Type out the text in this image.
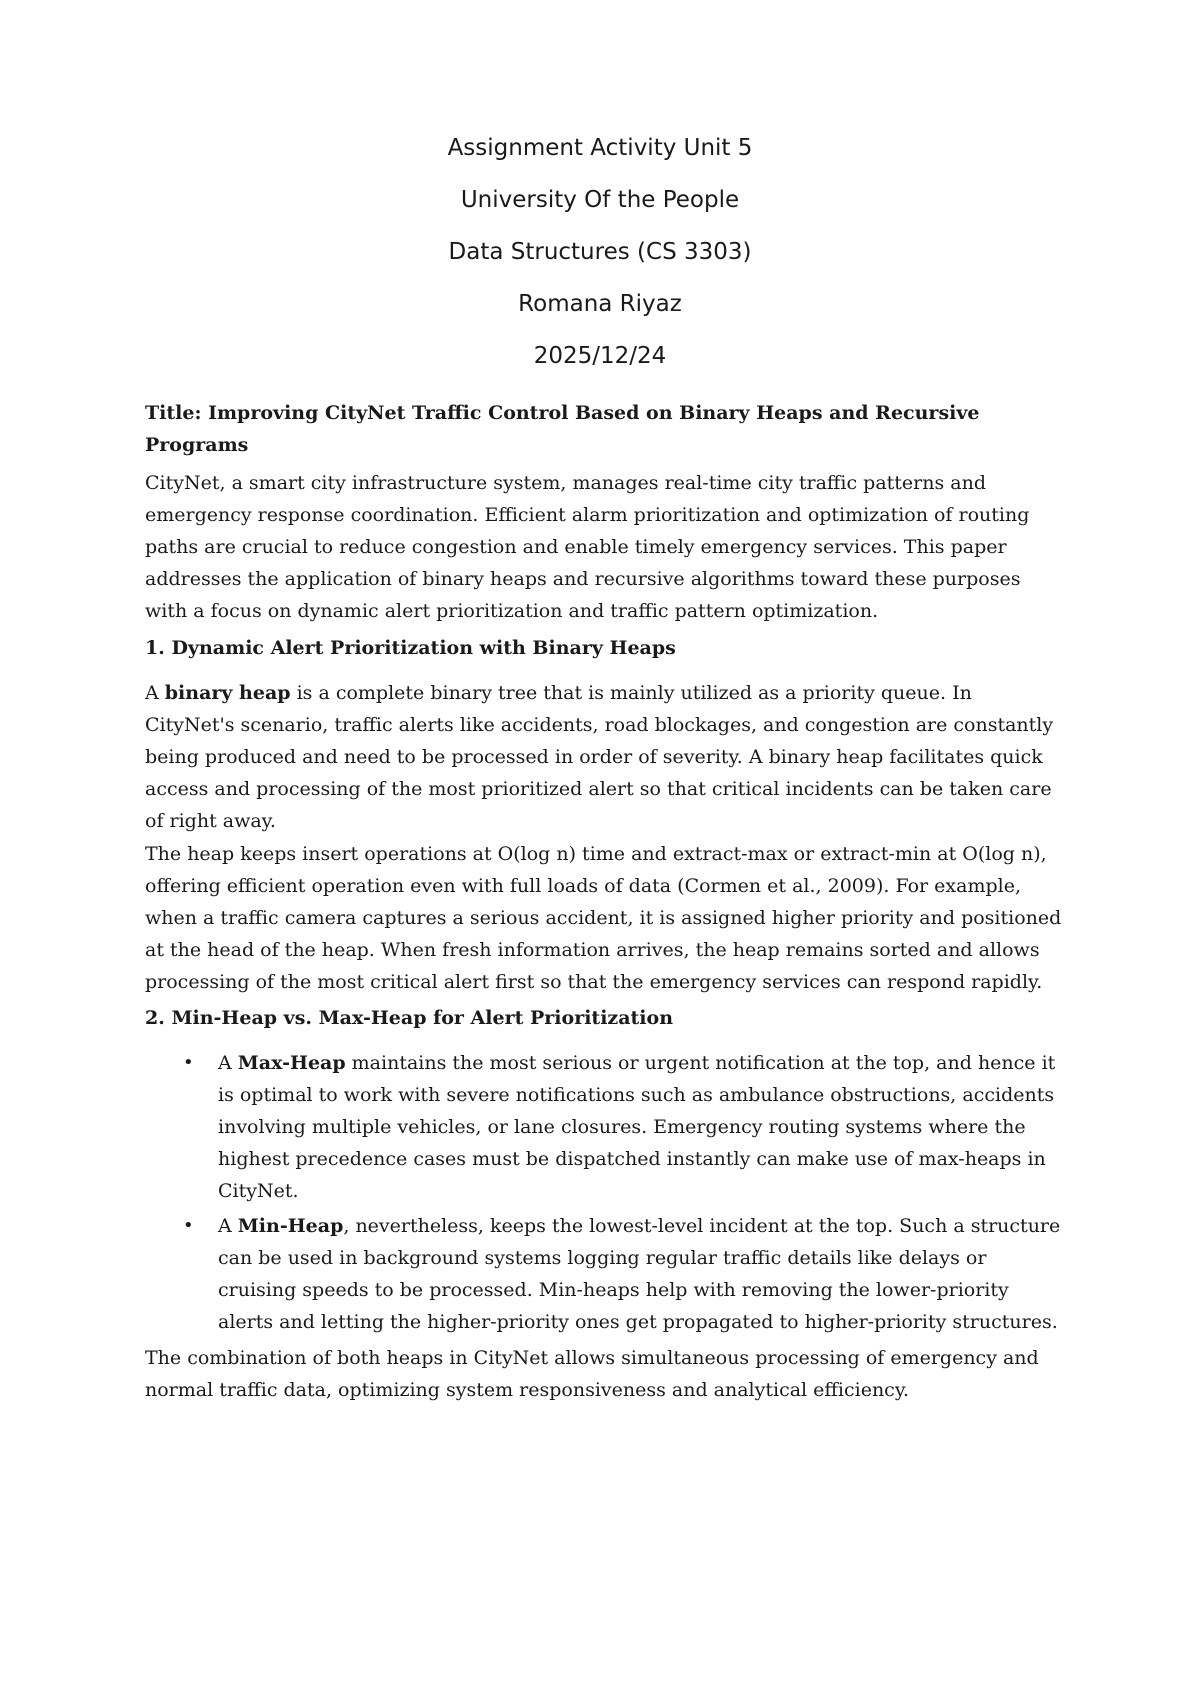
Assignment Activity Unit 5
University Of the People
Data Structures (CS 3303)
Romana Riyaz
2025/12/24

Title: Improving CityNet Traffic Control Based on Binary Heaps and Recursive Programs

CityNet, a smart city infrastructure system, manages real-time city traffic patterns and emergency response coordination. Efficient alarm prioritization and optimization of routing paths are crucial to reduce congestion and enable timely emergency services. This paper addresses the application of binary heaps and recursive algorithms toward these purposes with a focus on dynamic alert prioritization and traffic pattern optimization.

1. Dynamic Alert Prioritization with Binary Heaps

A binary heap is a complete binary tree that is mainly utilized as a priority queue. In CityNet's scenario, traffic alerts like accidents, road blockages, and congestion are constantly being produced and need to be processed in order of severity. A binary heap facilitates quick access and processing of the most prioritized alert so that critical incidents can be taken care of right away.

The heap keeps insert operations at O(log n) time and extract-max or extract-min at O(log n), offering efficient operation even with full loads of data (Cormen et al., 2009). For example, when a traffic camera captures a serious accident, it is assigned higher priority and positioned at the head of the heap. When fresh information arrives, the heap remains sorted and allows processing of the most critical alert first so that the emergency services can respond rapidly.

2. Min-Heap vs. Max-Heap for Alert Prioritization

• A Max-Heap maintains the most serious or urgent notification at the top, and hence it is optimal to work with severe notifications such as ambulance obstructions, accidents involving multiple vehicles, or lane closures. Emergency routing systems where the highest precedence cases must be dispatched instantly can make use of max-heaps in CityNet.
• A Min-Heap, nevertheless, keeps the lowest-level incident at the top. Such a structure can be used in background systems logging regular traffic details like delays or cruising speeds to be processed. Min-heaps help with removing the lower-priority alerts and letting the higher-priority ones get propagated to higher-priority structures.

The combination of both heaps in CityNet allows simultaneous processing of emergency and normal traffic data, optimizing system responsiveness and analytical efficiency.
